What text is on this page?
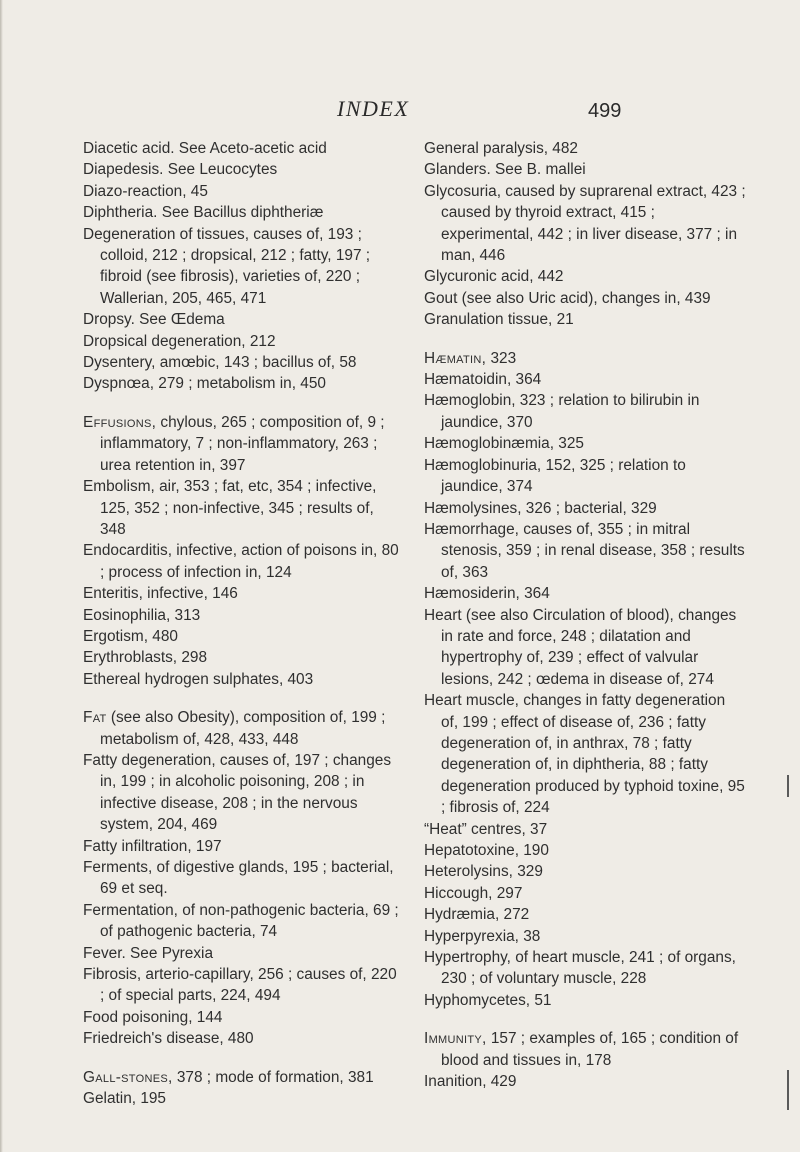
INDEX	499

Diacetic acid. See Aceto-acetic acid

Diapedesis. See Leucocytes

Diazo-reaction, 45

Diphtheria. See Bacillus diphtheriæ

Degeneration of tissues, causes of, 193 ; colloid, 212 ; dropsical, 212 ; fatty, 197 ; fibroid (see fibrosis), varieties of, 220 ; Wallerian, 205, 465, 471

Dropsy. See Œdema

Dropsical degeneration, 212

Dysentery, amœbic, 143 ; bacillus of, 58

Dyspnœa, 279 ; metabolism in, 450

Effusions, chylous, 265 ; composition of, 9 ; inflammatory, 7 ; non-inflammatory, 263 ; urea retention in, 397

Embolism, air, 353 ; fat, etc, 354 ; infective, 125, 352 ; non-infective, 345 ; results of, 348

Endocarditis, infective, action of poisons in, 80 ; process of infection in, 124

Enteritis, infective, 146

Eosinophilia, 313

Ergotism, 480

Erythroblasts, 298

Ethereal hydrogen sulphates, 403

Fat (see also Obesity), composition of, 199 ; metabolism of, 428, 433, 448

Fatty degeneration, causes of, 197 ; changes in, 199 ; in alcoholic poisoning, 208 ; in infective disease, 208 ; in the nervous system, 204, 469

Fatty infiltration, 197

Ferments, of digestive glands, 195 ; bacterial, 69 et seq.

Fermentation, of non-pathogenic bacteria, 69 ; of pathogenic bacteria, 74

Fever. See Pyrexia

Fibrosis, arterio-capillary, 256 ; causes of, 220 ; of special parts, 224, 494

Food poisoning, 144

Friedreich's disease, 480

Gall-stones, 378 ; mode of formation, 381

Gelatin, 195

General paralysis, 482

Glanders. See B. mallei

Glycosuria, caused by suprarenal extract, 423 ; caused by thyroid extract, 415 ; experimental, 442 ; in liver disease, 377 ; in man, 446

Glycuronic acid, 442

Gout (see also Uric acid), changes in, 439

Granulation tissue, 21

Hæmatin, 323

Hæmatoidin, 364

Hæmoglobin, 323 ; relation to bilirubin in jaundice, 370

Hæmoglobinæmia, 325

Hæmoglobinuria, 152, 325 ; relation to jaundice, 374

Hæmolysines, 326 ; bacterial, 329

Hæmorrhage, causes of, 355 ; in mitral stenosis, 359 ; in renal disease, 358 ; results of, 363

Hæmosiderin, 364

Heart (see also Circulation of blood), changes in rate and force, 248 ; dilatation and hypertrophy of, 239 ; effect of valvular lesions, 242 ; œdema in disease of, 274

Heart muscle, changes in fatty degeneration of, 199 ; effect of disease of, 236 ; fatty degeneration of, in anthrax, 78 ; fatty degeneration of, in diphtheria, 88 ; fatty degeneration produced by typhoid toxine, 95 ; fibrosis of, 224

“Heat” centres, 37

Hepatotoxine, 190

Heterolysins, 329

Hiccough, 297

Hydræmia, 272

Hyperpyrexia, 38

Hypertrophy, of heart muscle, 241 ; of organs, 230 ; of voluntary muscle, 228

Hyphomycetes, 51

Immunity, 157 ; examples of, 165 ; condition of blood and tissues in, 178

Inanition, 429
